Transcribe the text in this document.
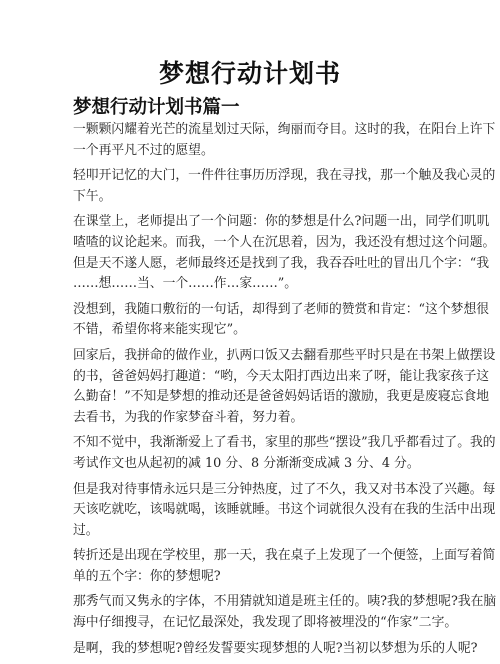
梦想行动计划书
梦想行动计划书篇一

一颗颗闪耀着光芒的流星划过天际，绚丽而夺目。这时的我，在阳台上许下
一个再平凡不过的愿望。

轻叩开记忆的大门，一件件往事历历浮现，我在寻找，那一个触及我心灵的
下午。

在课堂上，老师提出了一个问题：你的梦想是什么?问题一出，同学们叽叽
喳喳的议论起来。而我，一个人在沉思着，因为，我还没有想过这个问题。
但是天不遂人愿，老师最终还是找到了我，我吞吞吐吐的冒出几个字：“我
……想……当、一个……作…家……”。

没想到，我随口敷衍的一句话，却得到了老师的赞赏和肯定：“这个梦想很
不错，希望你将来能实现它”。

回家后，我拼命的做作业，扒两口饭又去翻看那些平时只是在书架上做摆设
的书，爸爸妈妈打趣道：“哟，今天太阳打西边出来了呀，能让我家孩子这
么勤奋！”不知是梦想的推动还是爸爸妈妈话语的激励，我更是废寝忘食地
去看书，为我的作家梦奋斗着，努力着。

不知不觉中，我渐渐爱上了看书，家里的那些“摆设”我几乎都看过了。我的
考试作文也从起初的减 10 分、8 分渐渐变成减 3 分、4 分。

但是我对待事情永远只是三分钟热度，过了不久，我又对书本没了兴趣。每
天该吃就吃，该喝就喝，该睡就睡。书这个词就很久没有在我的生活中出现
过。

转折还是出现在学校里，那一天，我在桌子上发现了一个便签，上面写着简
单的五个字：你的梦想呢?

那秀气而又隽永的字体，不用猜就知道是班主任的。咦?我的梦想呢?我在脑
海中仔细搜寻，在记忆最深处，我发现了即将被埋没的“作家”二字。

是啊，我的梦想呢?曾经发誓要实现梦想的人呢?当初以梦想为乐的人呢?
